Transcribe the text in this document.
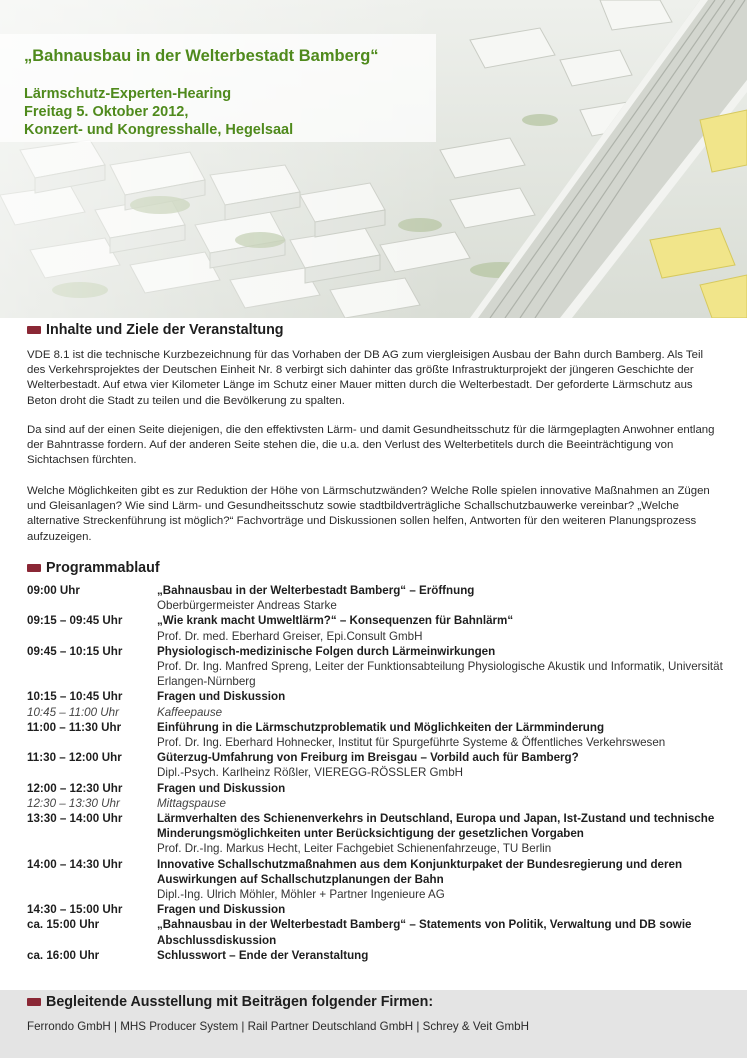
„Bahnausbau in der Welterbestadt Bamberg“
Lärmschutz-Experten-Hearing
Freitag 5. Oktober 2012,
Konzert- und Kongresshalle, Hegelsaal
Inhalte und Ziele der Veranstaltung

VDE 8.1 ist die technische Kurzbezeichnung für das Vorhaben der DB AG zum viergleisigen Ausbau der Bahn durch Bamberg. Als Teil des Verkehrsprojektes der Deutschen Einheit Nr. 8 verbirgt sich dahinter das größte Infrastrukturprojekt der jüngeren Geschichte der Welterbestadt. Auf etwa vier Kilometer Länge im Schutz einer Mauer mitten durch die Welterbestadt. Der geforderte Lärmschutz aus Beton droht die Stadt zu teilen und die Bevölkerung zu spalten.

Da sind auf der einen Seite diejenigen, die den effektivsten Lärm- und damit Gesundheitsschutz für die lärmgeplagten Anwohner entlang der Bahntrasse fordern. Auf der anderen Seite stehen die, die u.a. den Verlust des Welterbetitels durch die Beeinträchtigung von Sichtachsen fürchten.

Welche Möglichkeiten gibt es zur Reduktion der Höhe von Lärmschutzwänden? Welche Rolle spielen innovative Maßnahmen an Zügen und Gleisanlagen? Wie sind Lärm- und Gesundheitsschutz sowie stadtbildverträgliche Schallschutzbauwerke vereinbar? „Welche alternative Streckenführung ist möglich?“ Fachvorträge und Diskussionen sollen helfen, Antworten für den weiteren Planungsprozess aufzuzeigen.

Programmablauf
09:00 Uhr	„Bahnausbau in der Welterbestadt Bamberg“ – Eröffnung
Oberbürgermeister Andreas Starke
09:15 – 09:45 Uhr	„Wie krank macht Umweltlärm?“ – Konsequenzen für Bahnlärm“
Prof. Dr. med. Eberhard Greiser, Epi.Consult GmbH
09:45 – 10:15 Uhr	Physiologisch-medizinische Folgen durch Lärmeinwirkungen
Prof. Dr. Ing. Manfred Spreng, Leiter der Funktionsabteilung Physiologische Akustik und Informatik, Universität Erlangen-Nürnberg
10:15 – 10:45 Uhr	Fragen und Diskussion
10:45 – 11:00 Uhr	Kaffeepause
11:00 – 11:30 Uhr	Einführung in die Lärmschutzproblematik und Möglichkeiten der Lärmminderung
Prof. Dr. Ing. Eberhard Hohnecker, Institut für Spurgeführte Systeme & Öffentliches Verkehrswesen
11:30 – 12:00 Uhr	Güterzug-Umfahrung von Freiburg im Breisgau – Vorbild auch für Bamberg?
Dipl.-Psych. Karlheinz Rößler, VIEREGG-RÖSSLER GmbH
12:00 – 12:30 Uhr	Fragen und Diskussion
12:30 – 13:30 Uhr	Mittagspause
13:30 – 14:00 Uhr	Lärmverhalten des Schienenverkehrs in Deutschland, Europa und Japan, Ist-Zustand und technische Minderungsmöglichkeiten unter Berücksichtigung der gesetzlichen Vorgaben
Prof. Dr.-Ing. Markus Hecht, Leiter Fachgebiet Schienenfahrzeuge, TU Berlin
14:00 – 14:30 Uhr	Innovative Schallschutzmaßnahmen aus dem Konjunkturpaket der Bundesregierung und deren Auswirkungen auf Schallschutzplanungen der Bahn
Dipl.-Ing. Ulrich Möhler, Möhler + Partner Ingenieure AG
14:30 – 15:00 Uhr	Fragen und Diskussion
ca. 15:00 Uhr	„Bahnausbau in der Welterbestadt Bamberg“ – Statements von Politik, Verwaltung und DB sowie Abschlussdiskussion
ca. 16:00 Uhr	Schlusswort – Ende der Veranstaltung
Begleitende Ausstellung mit Beiträgen folgender Firmen:
Ferrondo GmbH | MHS Producer System | Rail Partner Deutschland GmbH | Schrey & Veit GmbH
